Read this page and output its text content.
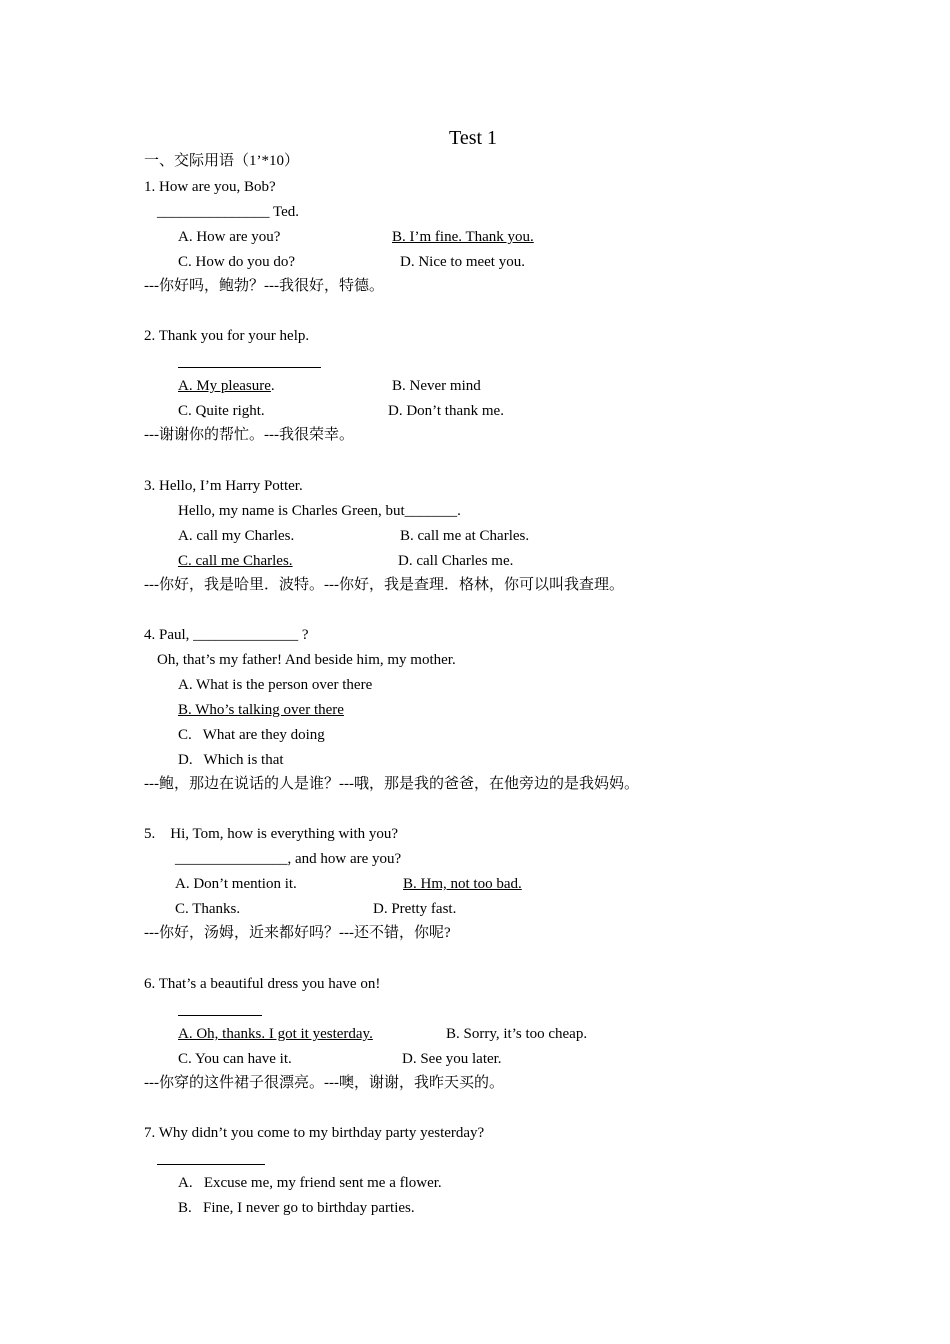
Test 1
一、交际用语（1’*10）
1. How are you, Bob?
_______________ Ted.
A. How are you?	B. I’m fine. Thank you.
C. How do you do?	D. Nice to meet you.
---你好吗，鲍勃？---我很好，特德。
2. Thank you for your help.
A. My pleasure.	B. Never mind
C. Quite right.	D. Don’t thank me.
---谢谢你的帮忙。---我很荣幸。
3. Hello, I’m Harry Potter.
Hello, my name is Charles Green, but_______.
A. call my Charles.	B. call me at Charles.
C. call me Charles.	D. call Charles me.
---你好，我是哈里．波特。---你好，我是查理．格林，你可以叫我查理。
4. Paul, ______________ ?
Oh, that’s my father! And beside him, my mother.
A. What is the person over there
B. Who’s talking over there
C.   What are they doing
D.   Which is that
---鲍，那边在说话的人是谁？---哦，那是我的爸爸，在他旁边的是我妈妈。
5.    Hi, Tom, how is everything with you?
_______________, and how are you?
A. Don’t mention it.	B. Hm, not too bad.
C. Thanks.	D. Pretty fast.
---你好，汤姆，近来都好吗？---还不错，你呢?
6. That’s a beautiful dress you have on!
A. Oh, thanks. I got it yesterday.	B. Sorry, it’s too cheap.
C. You can have it.	D. See you later.
---你穿的这件裙子很漂亮。---噢，谢谢，我昨天买的。
7. Why didn’t you come to my birthday party yesterday?
A.   Excuse me, my friend sent me a flower.
B.   Fine, I never go to birthday parties.
